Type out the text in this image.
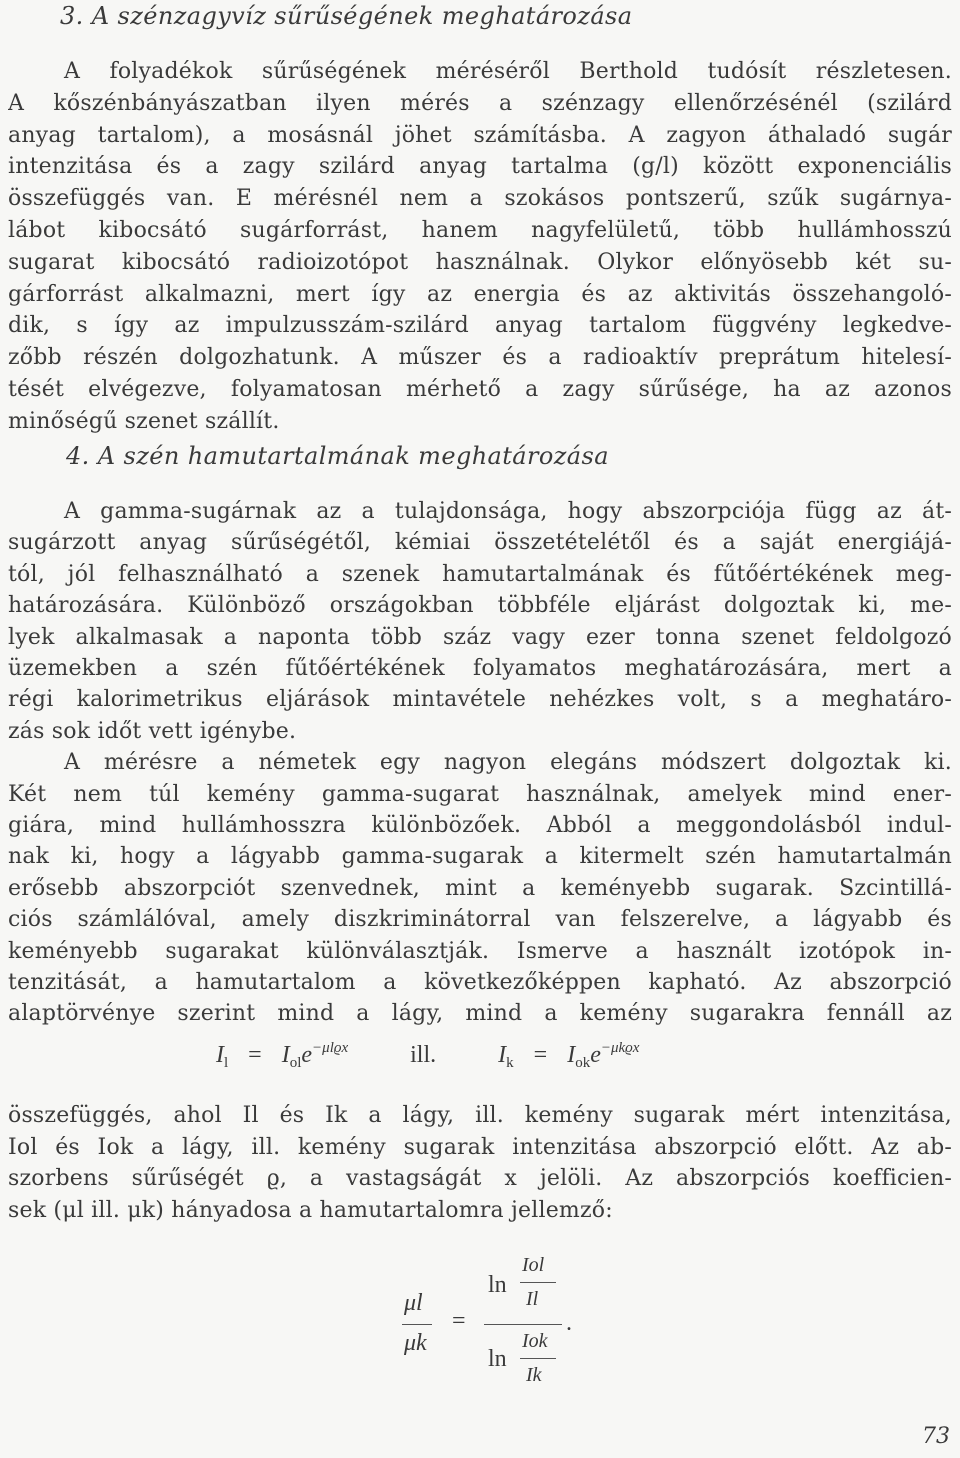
3. A szénzagyvíz sűrűségének meghatározása
A folyadékok sűrűségének méréséről Berthold tudósít részletesen.
A kőszénbányászatban ilyen mérés a szénzagy ellenőrzésénél (szilárd
anyag tartalom), a mosásnál jöhet számításba. A zagyon áthaladó sugár
intenzitása és a zagy szilárd anyag tartalma (g/l) között exponenciális
összefüggés van. E mérésnél nem a szokásos pontszerű, szűk sugárnya-
lábot kibocsátó sugárforrást, hanem nagyfelületű, több hullámhosszú
sugarat kibocsátó radioizotópot használnak. Olykor előnyösebb két su-
gárforrást alkalmazni, mert így az energia és az aktivitás összehangoló-
dik, s így az impulzusszám-szilárd anyag tartalom függvény legkedve-
zőbb részén dolgozhatunk. A műszer és a radioaktív preprátum hitelesí-
tését elvégezve, folyamatosan mérhető a zagy sűrűsége, ha az azonos
minőségű szenet szállít.
4. A szén hamutartalmának meghatározása
A gamma-sugárnak az a tulajdonsága, hogy abszorpciója függ az át-
sugárzott anyag sűrűségétől, kémiai összetételétől és a saját energiájá-
tól, jól felhasználható a szenek hamutartalmának és fűtőértékének meg-
határozására. Különböző országokban többféle eljárást dolgoztak ki, me-
lyek alkalmasak a naponta több száz vagy ezer tonna szenet feldolgozó
üzemekben a szén fűtőértékének folyamatos meghatározására, mert a
régi kalorimetrikus eljárások mintavétele nehézkes volt, s a meghatáro-
zás sok időt vett igénybe.
A mérésre a németek egy nagyon elegáns módszert dolgoztak ki.
Két nem túl kemény gamma-sugarat használnak, amelyek mind ener-
giára, mind hullámhosszra különbözőek. Abból a meggondolásból indul-
nak ki, hogy a lágyabb gamma-sugarak a kitermelt szén hamutartalmán
erősebb abszorpciót szenvednek, mint a keményebb sugarak. Szcintillá-
ciós számlálóval, amely diszkriminátorral van felszerelve, a lágyabb és
keményebb sugarakat különválasztják. Ismerve a használt izotópok in-
tenzitását, a hamutartalom a következőképpen kapható. Az abszorpció
alaptörvénye szerint mind a lágy, mind a kemény sugarakra fennáll az
$I_l = I_{ol}e^{-\mu lϱx}$	ill.	$I_k = I_{ok}e^{-\mu kϱx}$
összefüggés, ahol Il és Ik a lágy, ill. kemény sugarak mért intenzitása,
Iol és Iok a lágy, ill. kemény sugarak intenzitása abszorpció előtt. Az ab-
szorbens sűrűségét ϱ, a vastagságát x jelöli. Az abszorpciós koefficien-
sek (μl ill. μk) hányadosa a hamutartalomra jellemző:
μl
μk
=
ln
Iol
Il
ln
Iok
Ik
.
73
